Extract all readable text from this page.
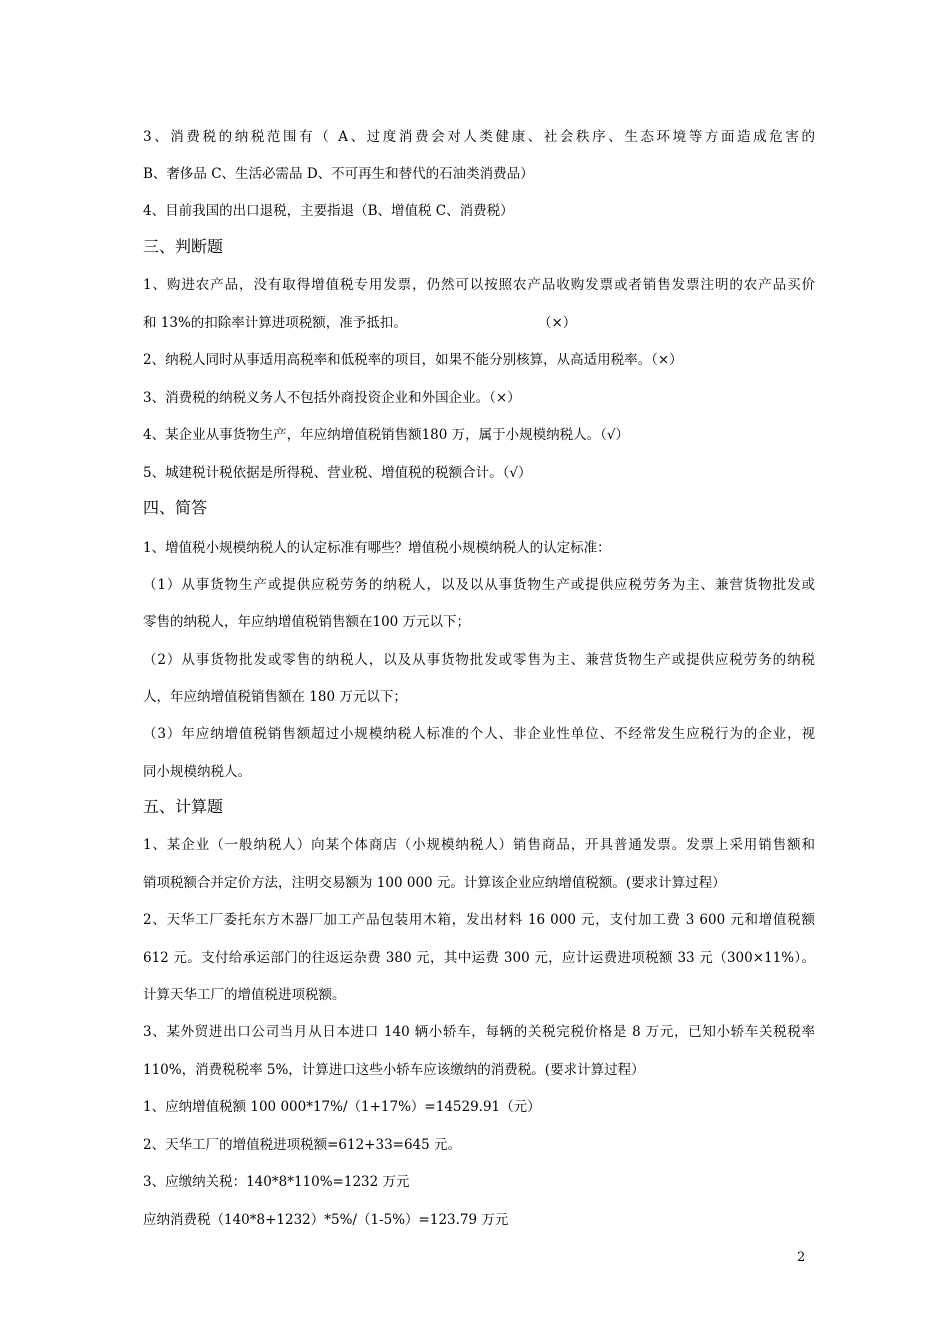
3、消费税的纳税范围有（ A、过度消费会对人类健康、社会秩序、生态环境等方面造成危害的
B、奢侈品 C、生活必需品 D、不可再生和替代的石油类消费品）
4、目前我国的出口退税，主要指退（B、增值税 C、消费税）
三、判断题
1、购进农产品，没有取得增值税专用发票，仍然可以按照农产品收购发票或者销售发票注明的农产品买价
和 13%的扣除率计算进项税额，准予抵扣。	（×）
2、纳税人同时从事适用高税率和低税率的项目，如果不能分别核算，从高适用税率。（×）
3、消费税的纳税义务人不包括外商投资企业和外国企业。（×）
4、某企业从事货物生产，年应纳增值税销售额180 万，属于小规模纳税人。（√）
5、城建税计税依据是所得税、营业税、增值税的税额合计。（√）
四、简答
1、增值税小规模纳税人的认定标准有哪些？增值税小规模纳税人的认定标准：
（1）从事货物生产或提供应税劳务的纳税人，以及以从事货物生产或提供应税劳务为主、兼营货物批发或
零售的纳税人，年应纳增值税销售额在100 万元以下；
（2）从事货物批发或零售的纳税人，以及从事货物批发或零售为主、兼营货物生产或提供应税劳务的纳税
人，年应纳增值税销售额在 180 万元以下；
（3）年应纳增值税销售额超过小规模纳税人标准的个人、非企业性单位、不经常发生应税行为的企业，视
同小规模纳税人。
五、计算题
1、某企业（一般纳税人）向某个体商店（小规模纳税人）销售商品，开具普通发票。发票上采用销售额和
销项税额合并定价方法，注明交易额为 100 000 元。计算该企业应纳增值税额。(要求计算过程）
2、天华工厂委托东方木器厂加工产品包装用木箱，发出材料 16 000 元，支付加工费 3 600 元和增值税额
612 元。支付给承运部门的往返运杂费 380 元，其中运费 300 元，应计运费进项税额 33 元（300×11%）。
计算天华工厂的增值税进项税额。
3、某外贸进出口公司当月从日本进口 140 辆小轿车，每辆的关税完税价格是 8 万元，已知小轿车关税税率
110%，消费税税率 5%，计算进口这些小轿车应该缴纳的消费税。(要求计算过程）
1、应纳增值税额 100 000*17%/（1+17%）=14529.91（元）
2、天华工厂的增值税进项税额=612+33=645 元。
3、应缴纳关税：140*8*110%=1232 万元
应纳消费税（140*8+1232）*5%/（1-5%）=123.79 万元
2
